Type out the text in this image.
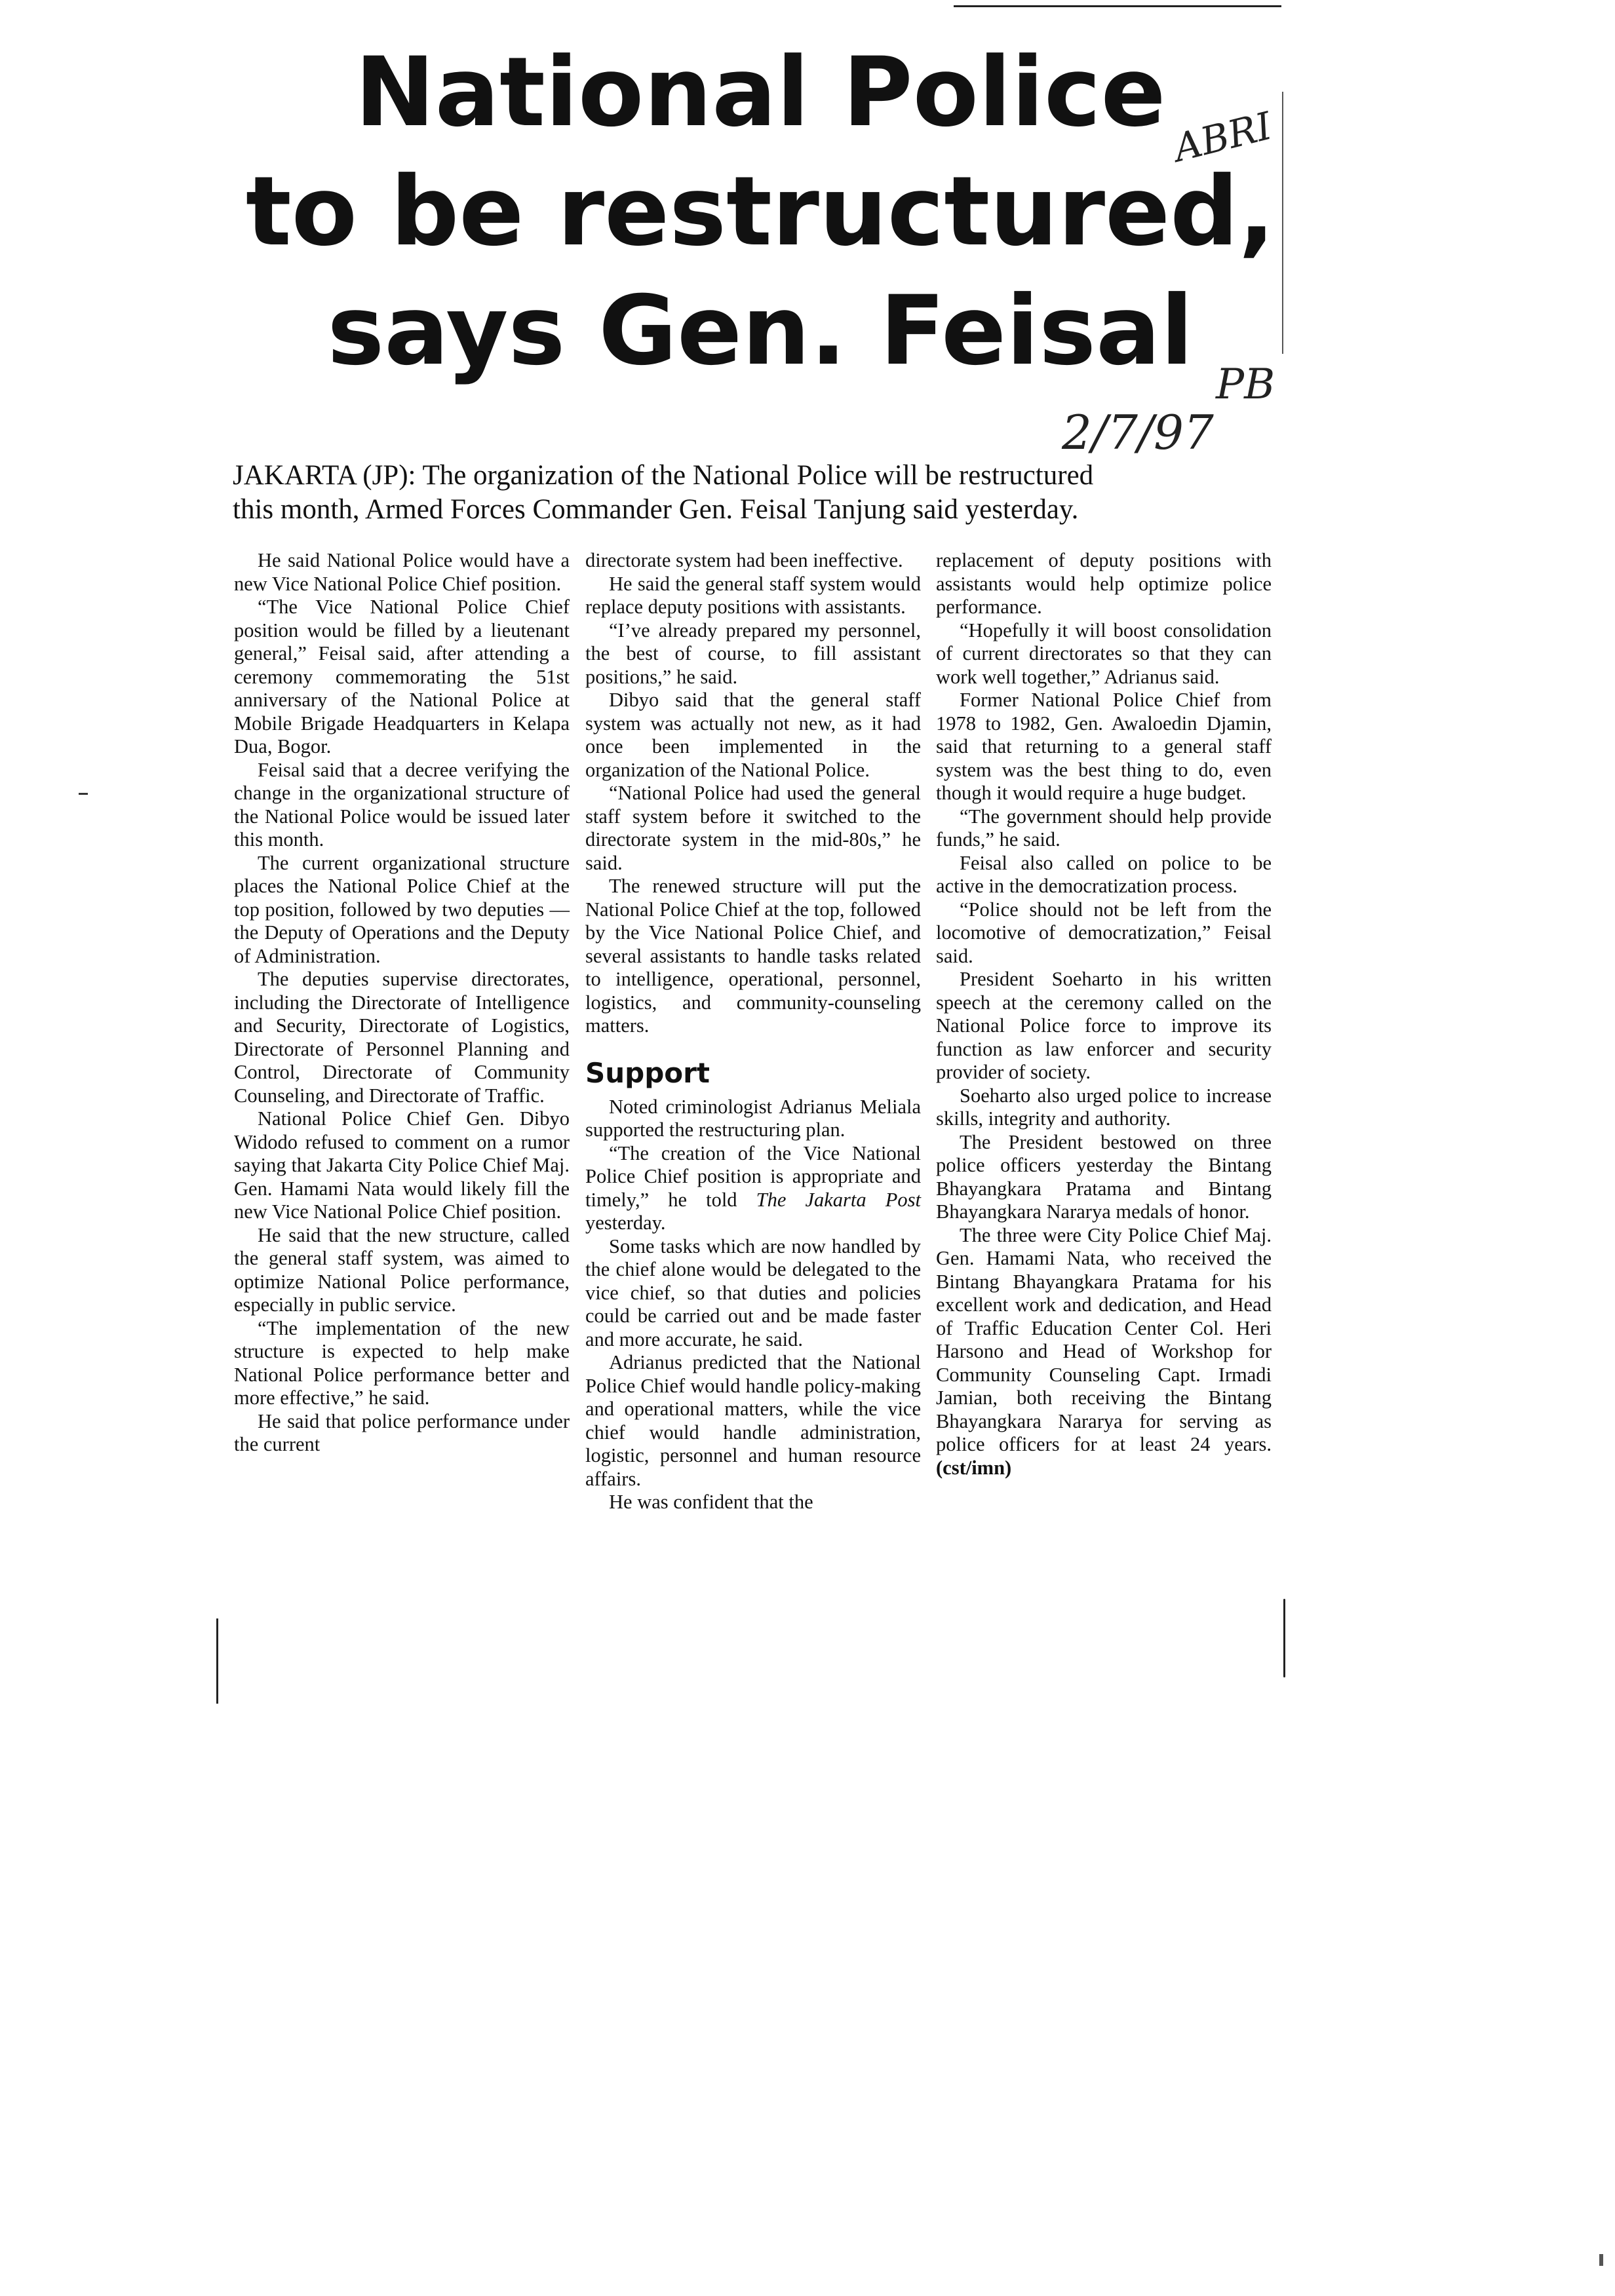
National Police
to be restructured,
says Gen. Feisal
ABRI
PB
2/7/97
JAKARTA (JP): The organization of the National Police will be restructured
this month, Armed Forces Commander Gen. Feisal Tanjung said yesterday.

He said National Police would have a new Vice National Police Chief position.

“The Vice National Police Chief position would be filled by a lieutenant general,” Feisal said, after attending a ceremony commemorating the 51st anniversary of the National Police at Mobile Brigade Headquarters in Kelapa Dua, Bogor.

Feisal said that a decree verifying the change in the organizational structure of the National Police would be issued later this month.

The current organizational structure places the National Police Chief at the top position, followed by two deputies — the Deputy of Operations and the Deputy of Administration.

The deputies supervise directorates, including the Directorate of Intelligence and Security, Directorate of Logistics, Directorate of Personnel Planning and Control, Directorate of Community Counseling, and Directorate of Traffic.

National Police Chief Gen. Dibyo Widodo refused to comment on a rumor saying that Jakarta City Police Chief Maj. Gen. Hamami Nata would likely fill the new Vice National Police Chief position.

He said that the new structure, called the general staff system, was aimed to optimize National Police performance, especially in public service.

“The implementation of the new structure is expected to help make National Police performance better and more effective,” he said.

He said that police performance under the current

directorate system had been ineffective.

He said the general staff system would replace deputy positions with assistants.

“I’ve already prepared my personnel, the best of course, to fill assistant positions,” he said.

Dibyo said that the general staff system was actually not new, as it had once been implemented in the organization of the National Police.

“National Police had used the general staff system before it switched to the directorate system in the mid-80s,” he said.

The renewed structure will put the National Police Chief at the top, followed by the Vice National Police Chief, and several assistants to handle tasks related to intelligence, operational, personnel, logistics, and community-counseling matters.

Support

Noted criminologist Adrianus Meliala supported the restructuring plan.

“The creation of the Vice National Police Chief position is appropriate and timely,” he told The Jakarta Post yesterday.

Some tasks which are now handled by the chief alone would be delegated to the vice chief, so that duties and policies could be carried out and be made faster and more accurate, he said.

Adrianus predicted that the National Police Chief would handle policy-making and operational matters, while the vice chief would handle administration, logistic, personnel and human resource affairs.

He was confident that the

replacement of deputy positions with assistants would help optimize police performance.

“Hopefully it will boost consolidation of current directorates so that they can work well together,” Adrianus said.

Former National Police Chief from 1978 to 1982, Gen. Awaloedin Djamin, said that returning to a general staff system was the best thing to do, even though it would require a huge budget.

“The government should help provide funds,” he said.

Feisal also called on police to be active in the democratization process.

“Police should not be left from the locomotive of democratization,” Feisal said.

President Soeharto in his written speech at the ceremony called on the National Police force to improve its function as law enforcer and security provider of society.

Soeharto also urged police to increase skills, integrity and authority.

The President bestowed on three police officers yesterday the Bintang Bhayangkara Pratama and Bintang Bhayangkara Nararya medals of honor.

The three were City Police Chief Maj. Gen. Hamami Nata, who received the Bintang Bhayangkara Pratama for his excellent work and dedication, and Head of Traffic Education Center Col. Heri Harsono and Head of Workshop for Community Counseling Capt. Irmadi Jamian, both receiving the Bintang Bhayangkara Nararya for serving as police officers for at least 24 years. (cst/imn)
